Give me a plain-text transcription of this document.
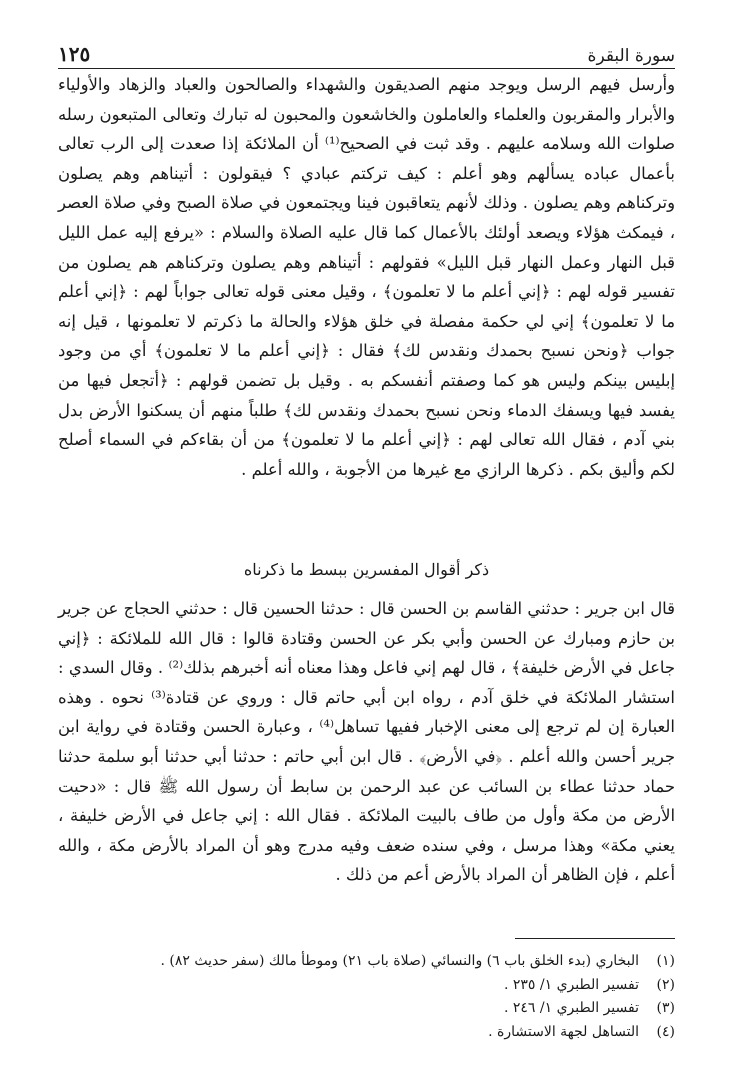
سورة البقرة
١٢٥
وأرسل فيهم الرسل ويوجد منهم الصديقون والشهداء والصالحون والعباد والزهاد والأولياء والأبرار والمقربون والعلماء والعاملون والخاشعون والمحبون له تبارك وتعالى المتبعون رسله صلوات الله وسلامه عليهم . وقد ثبت في الصحيح⁽¹⁾ أن الملائكة إذا صعدت إلى الرب تعالى بأعمال عباده يسألهم وهو أعلم : كيف تركتم عبادي ؟ فيقولون : أتيناهم وهم يصلون وتركناهم وهم يصلون . وذلك لأنهم يتعاقبون فينا ويجتمعون في صلاة الصبح وفي صلاة العصر ، فيمكث هؤلاء ويصعد أولئك بالأعمال كما قال عليه الصلاة والسلام : «يرفع إليه عمل الليل قبل النهار وعمل النهار قبل الليل» فقولهم : أتيناهم وهم يصلون وتركناهم هم يصلون من تفسير قوله لهم : ﴿إني أعلم ما لا تعلمون﴾ ، وقيل معنى قوله تعالى جواباً لهم : ﴿إني أعلم ما لا تعلمون﴾ إني لي حكمة مفصلة في خلق هؤلاء والحالة ما ذكرتم لا تعلمونها ، قيل إنه جواب ﴿ونحن نسبح بحمدك ونقدس لك﴾ فقال : ﴿إني أعلم ما لا تعلمون﴾ أي من وجود إبليس بينكم وليس هو كما وصفتم أنفسكم به . وقيل بل تضمن قولهم : ﴿أتجعل فيها من يفسد فيها ويسفك الدماء ونحن نسبح بحمدك ونقدس لك﴾ طلباً منهم أن يسكنوا الأرض بدل بني آدم ، فقال الله تعالى لهم : ﴿إني أعلم ما لا تعلمون﴾ من أن بقاءكم في السماء أصلح لكم وأليق بكم . ذكرها الرازي مع غيرها من الأجوبة ، والله أعلم .
ذكر أقوال المفسرين ببسط ما ذكرناه
قال ابن جرير : حدثني القاسم بن الحسن قال : حدثنا الحسين قال : حدثني الحجاج عن جرير بن حازم ومبارك عن الحسن وأبي بكر عن الحسن وقتادة قالوا : قال الله للملائكة : ﴿إني جاعل في الأرض خليفة﴾ ، قال لهم إني فاعل وهذا معناه أنه أخبرهم بذلك⁽²⁾ . وقال السدي : استشار الملائكة في خلق آدم ، رواه ابن أبي حاتم قال : وروي عن قتادة⁽³⁾ نحوه . وهذه العبارة إن لم ترجع إلى معنى الإخبار ففيها تساهل⁽⁴⁾ ، وعبارة الحسن وقتادة في رواية ابن جرير أحسن والله أعلم . ﴿في الأرض﴾ . قال ابن أبي حاتم : حدثنا أبي حدثنا أبو سلمة حدثنا حماد حدثنا عطاء بن السائب عن عبد الرحمن بن سابط أن رسول الله ﷺ قال : «دحيت الأرض من مكة وأول من طاف بالبيت الملائكة . فقال الله : إني جاعل في الأرض خليفة ، يعني مكة» وهذا مرسل ، وفي سنده ضعف وفيه مدرج وهو أن المراد بالأرض مكة ، والله أعلم ، فإن الظاهر أن المراد بالأرض أعم من ذلك .
(١)
البخاري (بدء الخلق باب ٦) والنسائي (صلاة باب ٢١) وموطأ مالك (سفر حديث ٨٢) .
(٢)
تفسير الطبري ١/ ٢٣٥ .
(٣)
تفسير الطبري ١/ ٢٤٦ .
(٤)
التساهل لجهة الاستشارة .
